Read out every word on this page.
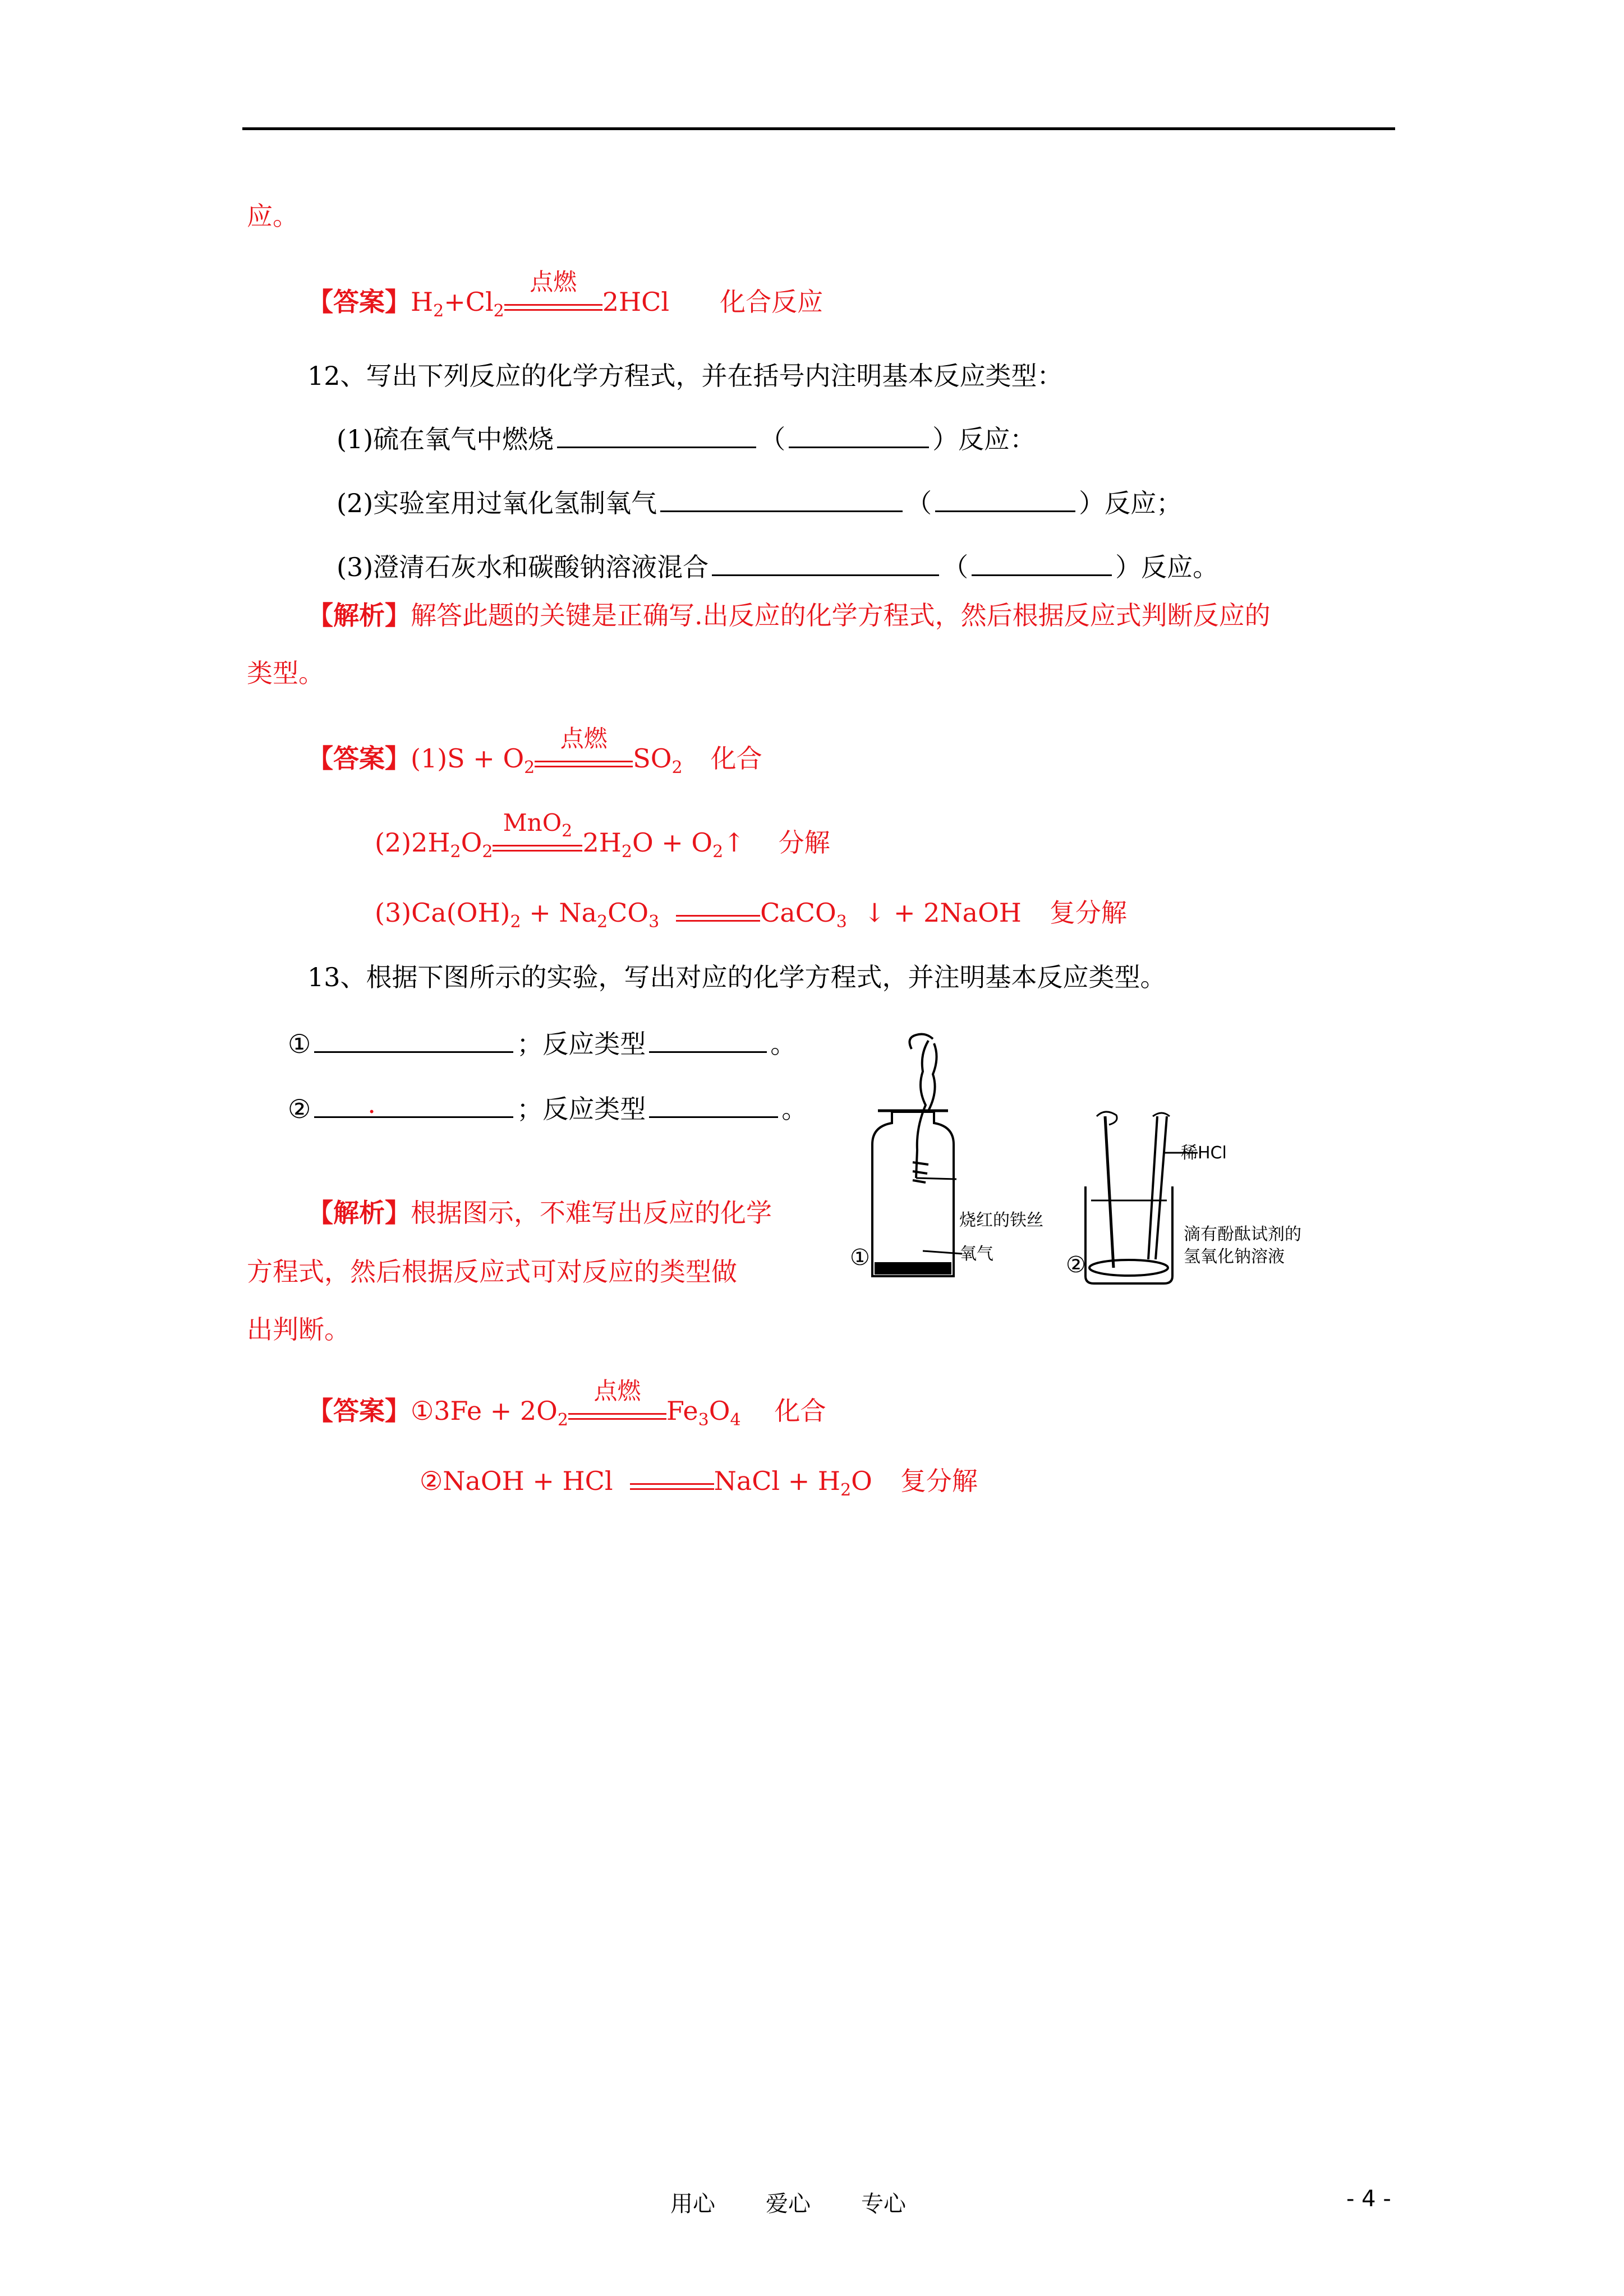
应。
【答案】$H_2+Cl_2$
点燃
2HCl 化合反应
12、写出下列反应的化学方程式，并在括号内注明基本反应类型：
(1)硫在氧气中燃烧	（	）反应：
(2)实验室用过氧化氢制氧气	（	）反应；
(3)澄清石灰水和碳酸钠溶液混合	（	）反应。
【解析】解答此题的关键是正确写.出反应的化学方程式，然后根据反应式判断反应的
类型。
【答案】$(1)S + O_2$
点燃
$SO_2$ 化合
$(2)2H_2O_2$
MnO$_2$ $2H_2O$ + $O_2↑$ 分解
$(3)Ca(OH)_2 + Na_2CO_3$	CaCO$_3$ ↓ + 2NaOH 复分解
13、根据下图所示的实验，写出对应的化学方程式，并注明基本反应类型。
①	；反应类型	。
② .	；反应类型	。
【解析】根据图示，不难写出反应的化学
方程式，然后根据反应式可对反应的类型做
出判断。
①	②
烧红的铁丝
氧气
稀HCl
滴有酚酞试剂的
氢氧化钠溶液
【答案】①3Fe + $2O_2$
点燃
$Fe_3O_4$ 化合
②NaOH + HCl	NaCl + $H_2O$ 复分解
用心 爱心 专心	- 4 -
